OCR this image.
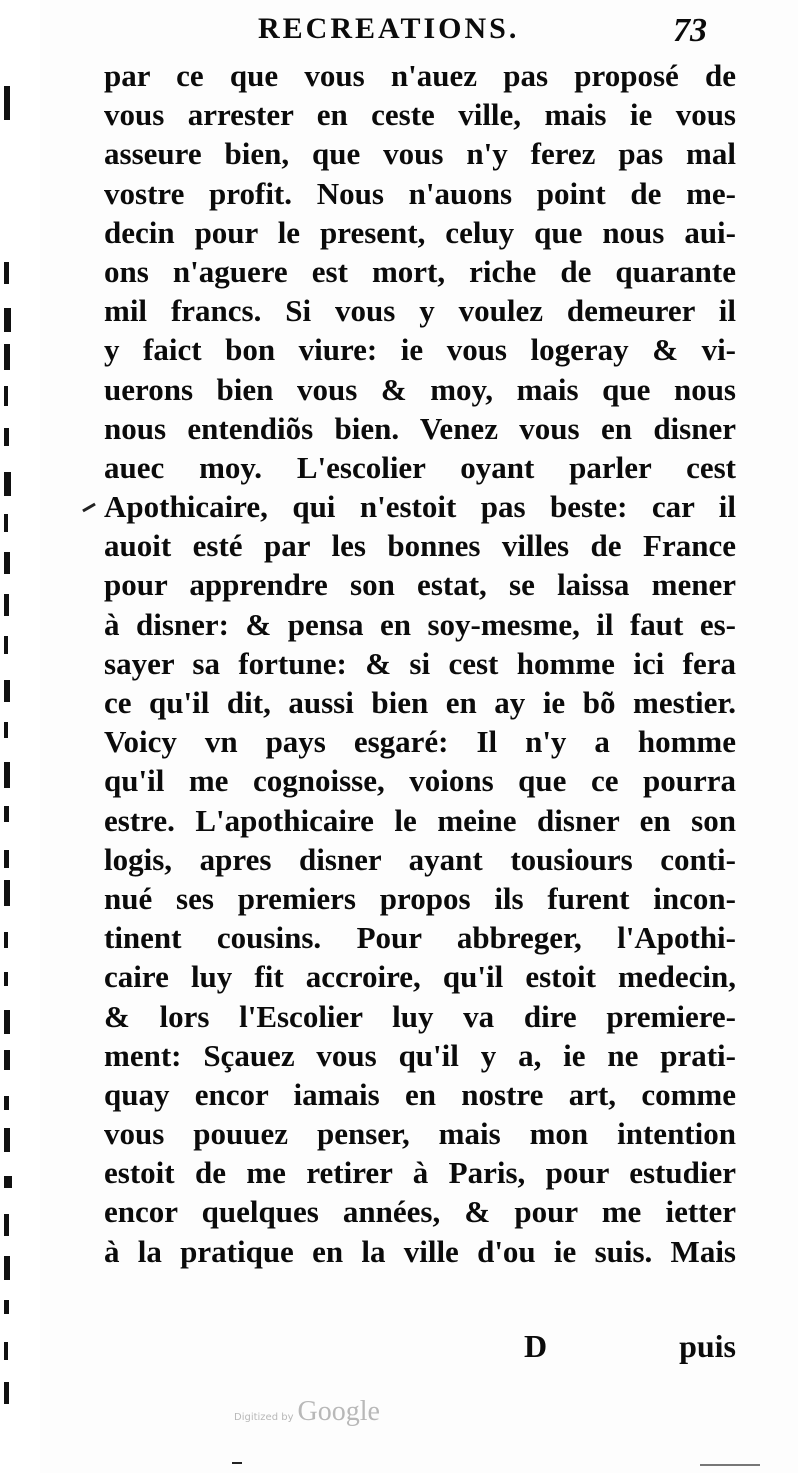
RECREATIONS.	73
par ce que vous n'auez pas proposé de
vous arrester en ceste ville, mais ie vous
asseure bien, que vous n'y ferez pas mal
vostre profit. Nous n'auons point de me-
decin pour le present, celuy que nous aui-
ons n'aguere est mort, riche de quarante
mil francs. Si vous y voulez demeurer il
y faict bon viure: ie vous logeray & vi-
uerons bien vous & moy, mais que nous
nous entendiõs bien. Venez vous en disner
auec moy. L'escolier oyant parler cest
Apothicaire, qui n'estoit pas beste: car il
auoit esté par les bonnes villes de France
pour apprendre son estat, se laissa mener
à disner: & pensa en soy-mesme, il faut es-
sayer sa fortune: & si cest homme ici fera
ce qu'il dit, aussi bien en ay ie bõ mestier.
Voicy vn pays esgaré: Il n'y a homme
qu'il me cognoisse, voions que ce pourra
estre. L'apothicaire le meine disner en son
logis, apres disner ayant tousiours conti-
nué ses premiers propos ils furent incon-
tinent cousins. Pour abbreger, l'Apothi-
caire luy fit accroire, qu'il estoit medecin,
& lors l'Escolier luy va dire premiere-
ment: Sçauez vous qu'il y a, ie ne prati-
quay encor iamais en nostre art, comme
vous pouuez penser, mais mon intention
estoit de me retirer à Paris, pour estudier
encor quelques années, & pour me ietter
à la pratique en la ville d'ou ie suis. Mais
D	puis
Digitized by Google
